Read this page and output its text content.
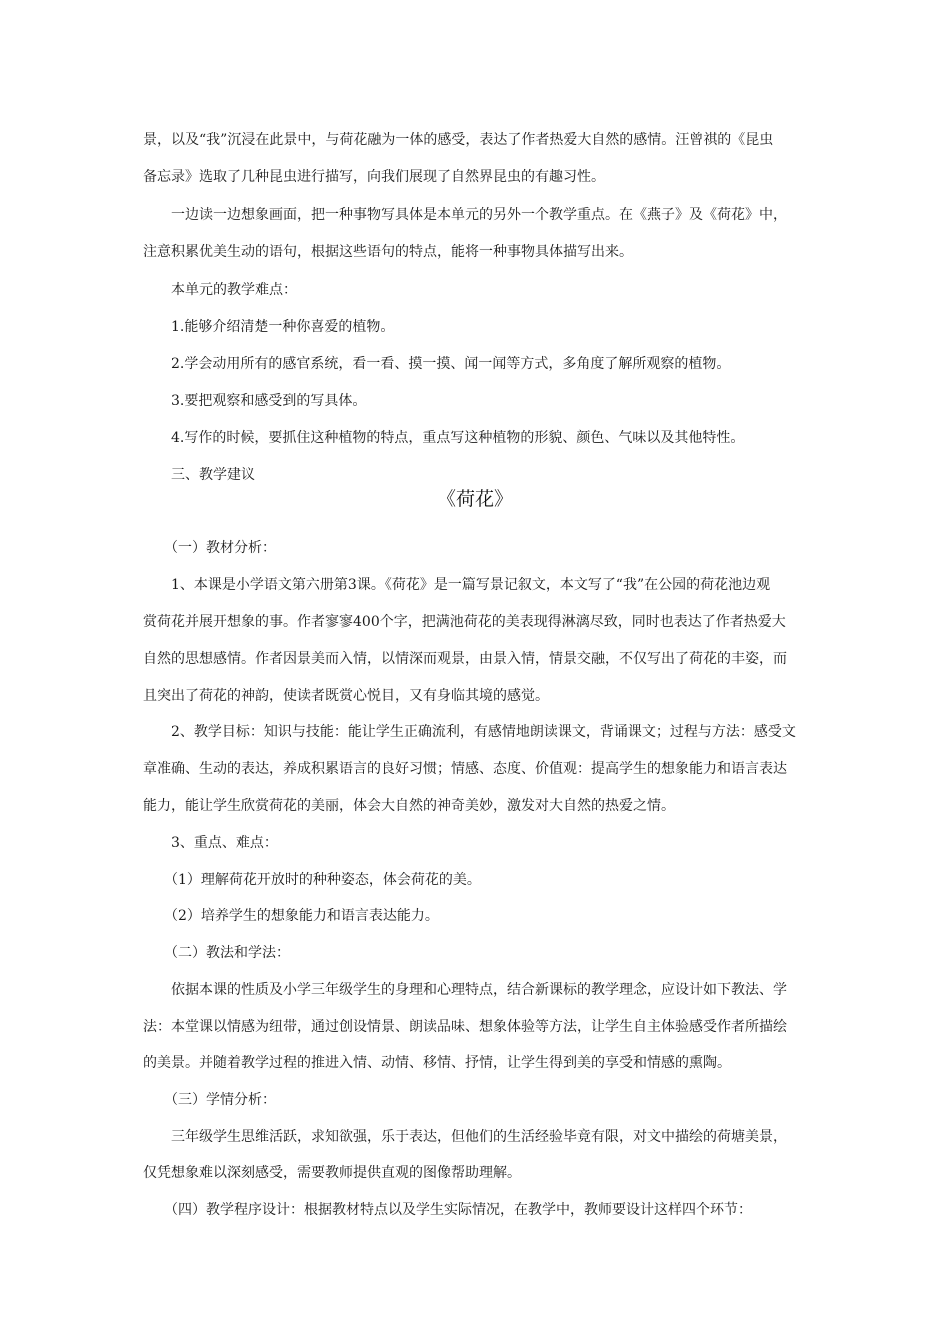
景，以及“我”沉浸在此景中，与荷花融为一体的感受，表达了作者热爱大自然的感情。汪曾祺的《昆虫
备忘录》选取了几种昆虫进行描写，向我们展现了自然界昆虫的有趣习性。
　　一边读一边想象画面，把一种事物写具体是本单元的另外一个教学重点。在《燕子》及《荷花》中，
注意积累优美生动的语句，根据这些语句的特点，能将一种事物具体描写出来。
　　本单元的教学难点：
　　1.能够介绍清楚一种你喜爱的植物。
　　2.学会动用所有的感官系统，看一看、摸一摸、闻一闻等方式，多角度了解所观察的植物。
　　3.要把观察和感受到的写具体。
　　4.写作的时候，要抓住这种植物的特点，重点写这种植物的形貌、颜色、气味以及其他特性。
　　三、教学建议
《荷花》
　　（一）教材分析：
　　1、本课是小学语文第六册第3课。《荷花》是一篇写景记叙文，本文写了“我”在公园的荷花池边观
赏荷花并展开想象的事。作者寥寥400个字，把满池荷花的美表现得淋漓尽致，同时也表达了作者热爱大
自然的思想感情。作者因景美而入情，以情深而观景，由景入情，情景交融，不仅写出了荷花的丰姿，而
且突出了荷花的神韵，使读者既赏心悦目，又有身临其境的感觉。
　　2、教学目标：知识与技能：能让学生正确流利，有感情地朗读课文，背诵课文；过程与方法：感受文
章准确、生动的表达，养成积累语言的良好习惯；情感、态度、价值观：提高学生的想象能力和语言表达
能力，能让学生欣赏荷花的美丽，体会大自然的神奇美妙，激发对大自然的热爱之情。
　　3、重点、难点：
　　（1）理解荷花开放时的种种姿态，体会荷花的美。
　　（2）培养学生的想象能力和语言表达能力。
　　（二）教法和学法：
　　依据本课的性质及小学三年级学生的身理和心理特点，结合新课标的教学理念，应设计如下教法、学
法：本堂课以情感为纽带，通过创设情景、朗读品味、想象体验等方法，让学生自主体验感受作者所描绘
的美景。并随着教学过程的推进入情、动情、移情、抒情，让学生得到美的享受和情感的熏陶。
　　（三）学情分析：
　　三年级学生思维活跃，求知欲强，乐于表达，但他们的生活经验毕竟有限，对文中描绘的荷塘美景，
仅凭想象难以深刻感受，需要教师提供直观的图像帮助理解。
　　（四）教学程序设计：根据教材特点以及学生实际情况，在教学中，教师要设计这样四个环节：
